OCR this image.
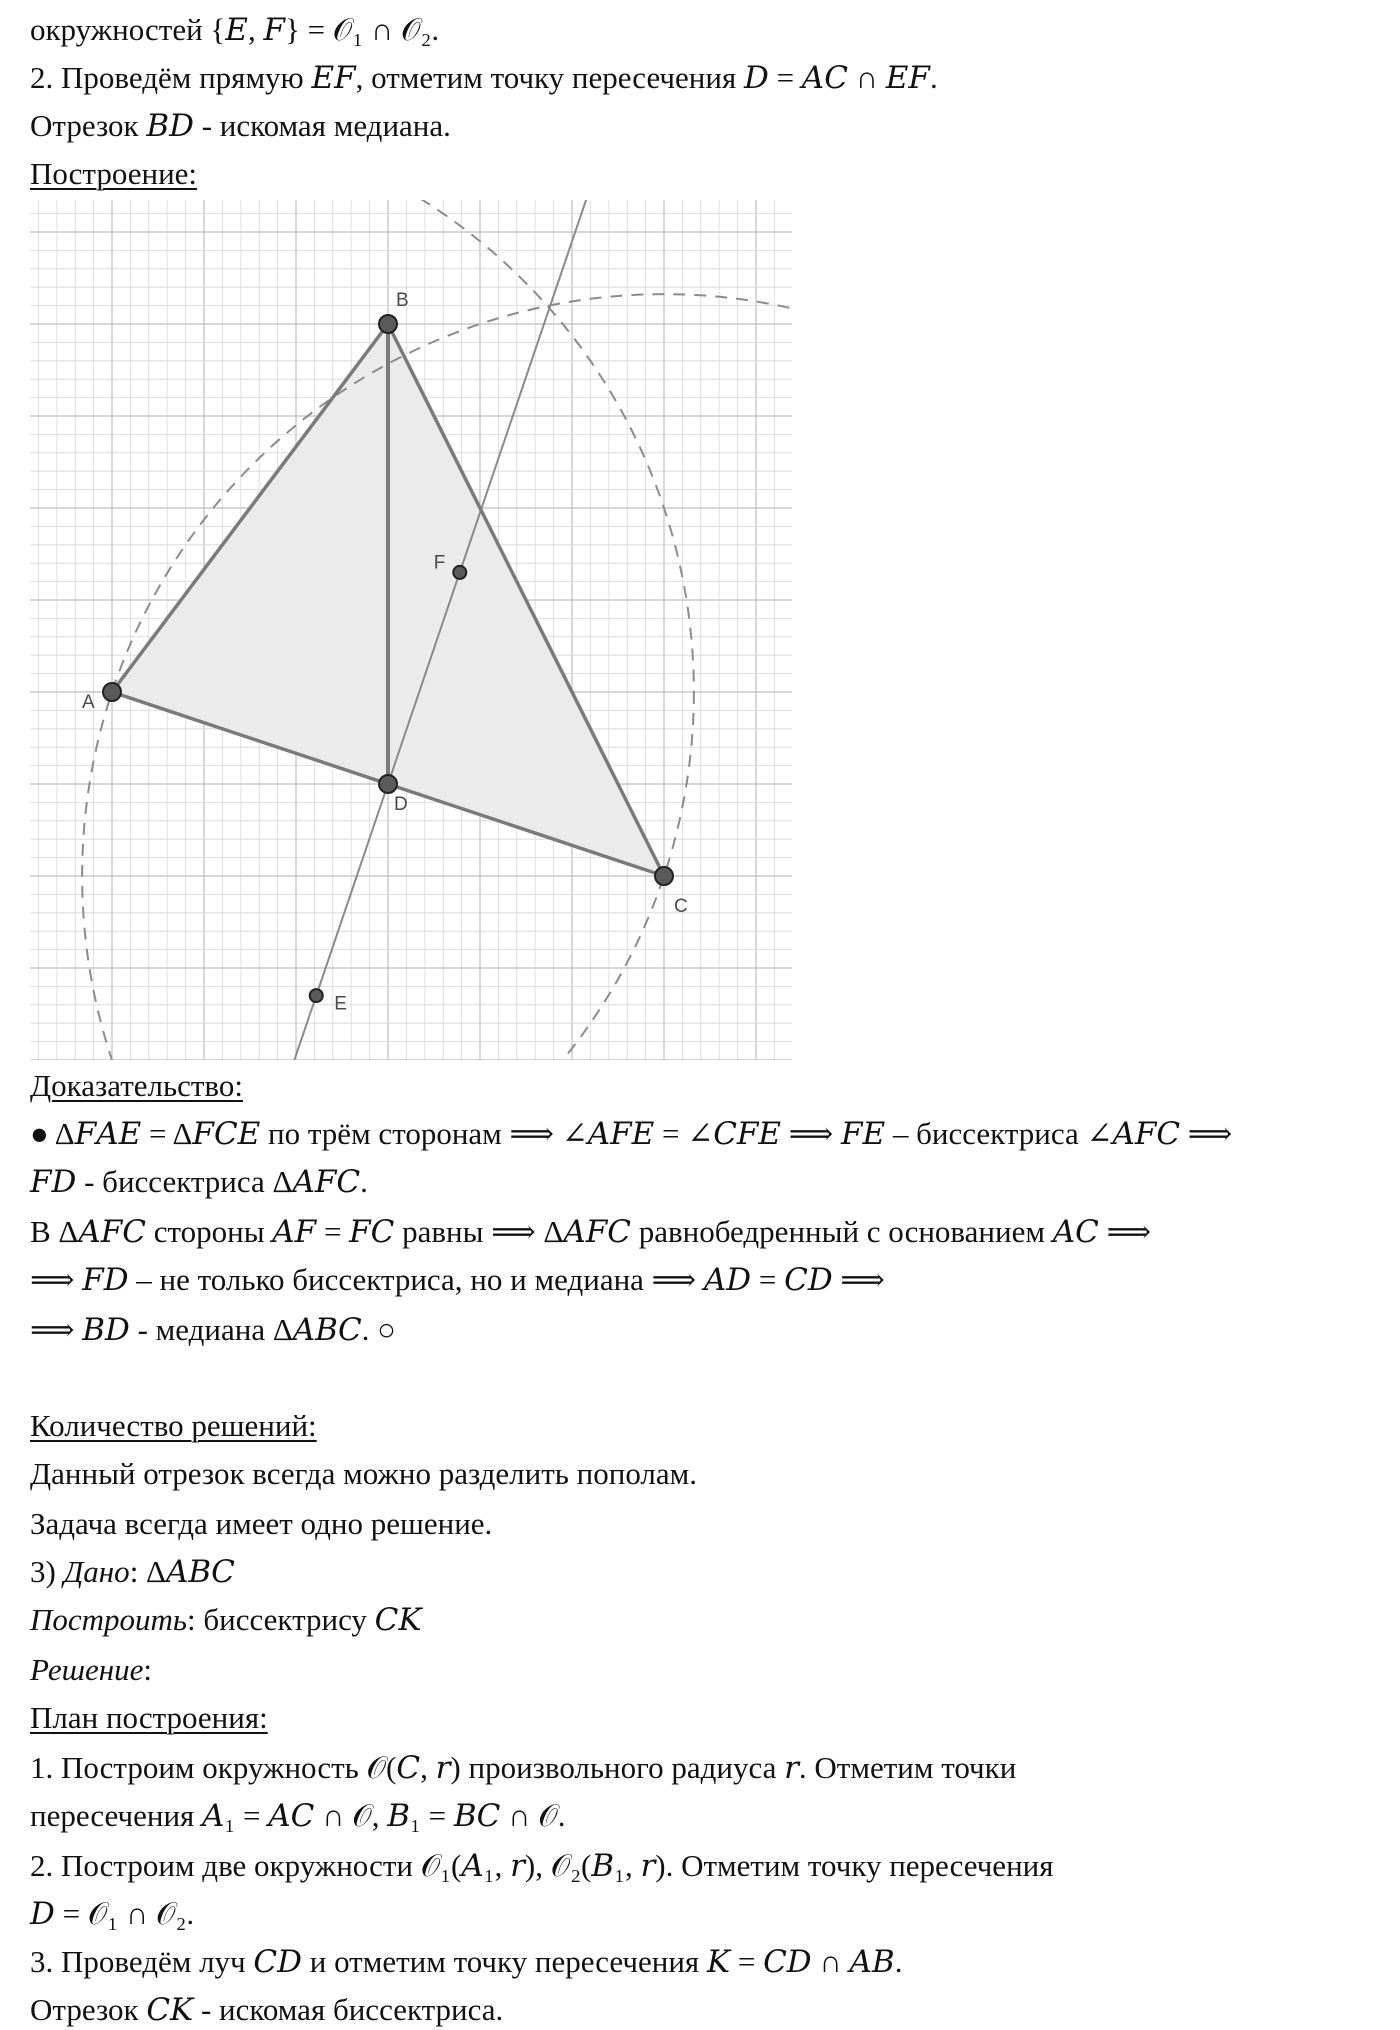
окружностей {𝐸, 𝐹} = 𝒪₁ ∩ 𝒪₂.
2. Проведём прямую 𝐸𝐹, отметим точку пересечения 𝐷 = 𝐴𝐶 ∩ 𝐸𝐹.
Отрезок 𝐵𝐷 - искомая медиана.
Построение:
A
B
C
D
E
F
Доказательство:
● Δ𝐹𝐴𝐸 = Δ𝐹𝐶𝐸 по трём сторонам ⟹ ∠𝐴𝐹𝐸 = ∠𝐶𝐹𝐸 ⟹ 𝐹𝐸 – биссектриса ∠𝐴𝐹𝐶 ⟹
𝐹𝐷 - биссектриса Δ𝐴𝐹𝐶.
В Δ𝐴𝐹𝐶 стороны 𝐴𝐹 = 𝐹𝐶 равны ⟹ Δ𝐴𝐹𝐶 равнобедренный с основанием 𝐴𝐶 ⟹
⟹ 𝐹𝐷 – не только биссектриса, но и медиана ⟹ 𝐴𝐷 = 𝐶𝐷 ⟹
⟹ 𝐵𝐷 - медиана Δ𝐴𝐵𝐶. ○
Количество решений:
Данный отрезок всегда можно разделить пополам.
Задача всегда имеет одно решение.
3) Дано: Δ𝐴𝐵𝐶
Построить: биссектрису 𝐶𝐾
Решение:
План построения:
1. Построим окружность 𝒪(𝐶, 𝑟) произвольного радиуса 𝑟. Отметим точки
пересечения 𝐴₁ = 𝐴𝐶 ∩ 𝒪, 𝐵₁ = 𝐵𝐶 ∩ 𝒪.
2. Построим две окружности 𝒪₁(𝐴₁, 𝑟), 𝒪₂(𝐵₁, 𝑟). Отметим точку пересечения
𝐷 = 𝒪₁ ∩ 𝒪₂.
3. Проведём луч 𝐶𝐷 и отметим точку пересечения 𝐾 = 𝐶𝐷 ∩ 𝐴𝐵.
Отрезок 𝐶𝐾 - искомая биссектриса.
